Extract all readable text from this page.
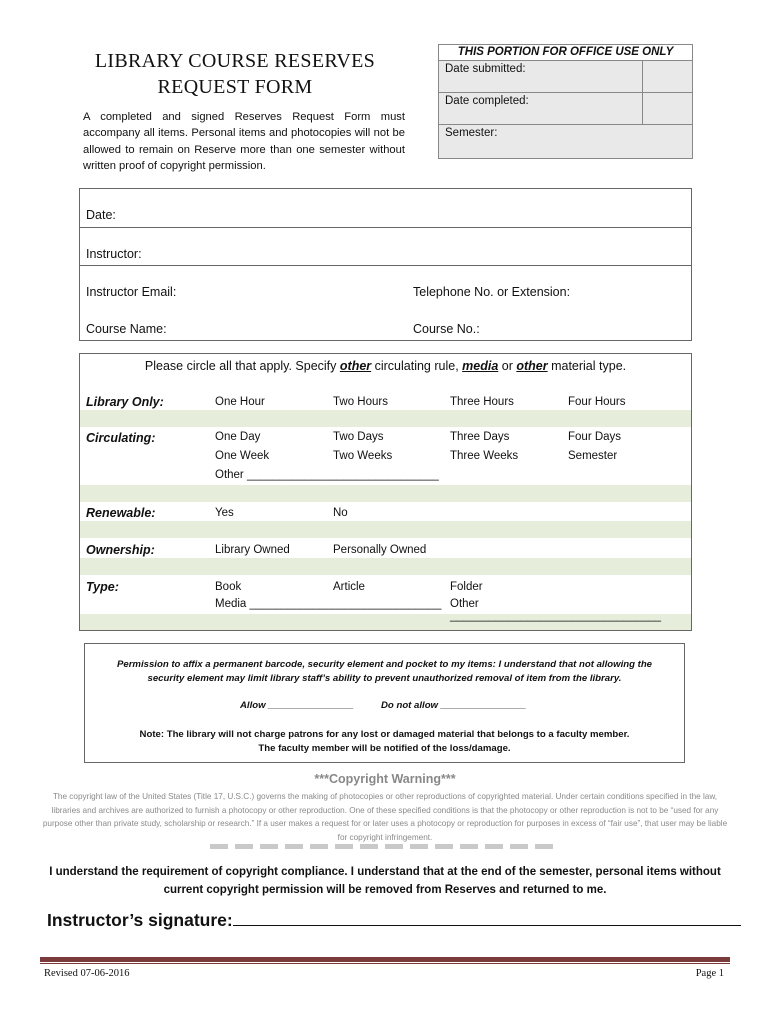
LIBRARY COURSE RESERVES
REQUEST FORM
A completed and signed Reserves Request Form must accompany all items. Personal items and photocopies will not be allowed to remain on Reserve more than one semester without written proof of copyright permission.
THIS PORTION FOR OFFICE USE ONLY
Date submitted:
Date completed:
Semester:
Date:
Instructor:
Instructor Email:	Telephone No. or Extension:
Course Name:	Course No.:
Please circle all that apply. Specify other circulating rule, media or other material type.
Library Only:	One Hour	Two Hours	Three Hours	Four Hours
Circulating:	One Day	Two Days	Three Days	Four Days
One Week	Two Weeks	Three Weeks	Semester
Other ______________________________
Renewable:	Yes	No
Ownership:	Library Owned	Personally Owned
Type:	Book	Article	Folder
Media ______________________________ Other _________________________________
Permission to affix a permanent barcode, security element and pocket to my items: I understand that not allowing the security element may limit library staff’s ability to prevent unauthorized removal of item from the library.
Allow ________________	Do not allow ________________
Note: The library will not charge patrons for any lost or damaged material that belongs to a faculty member.
The faculty member will be notified of the loss/damage.
***Copyright Warning***
The copyright law of the United States (Title 17, U.S.C.) governs the making of photocopies or other reproductions of copyrighted material. Under certain conditions specified in the law, libraries and archives are authorized to furnish a photocopy or other reproduction. One of these specified conditions is that the photocopy or other reproduction is not to be “used for any purpose other than private study, scholarship or research.” If a user makes a request for or later uses a photocopy or reproduction for purposes in excess of “fair use”, that user may be liable for copyright infringement.
I understand the requirement of copyright compliance. I understand that at the end of the semester, personal items without
current copyright permission will be removed from Reserves and returned to me.
Instructor’s signature:
Revised 07-06-2016	Page 1
